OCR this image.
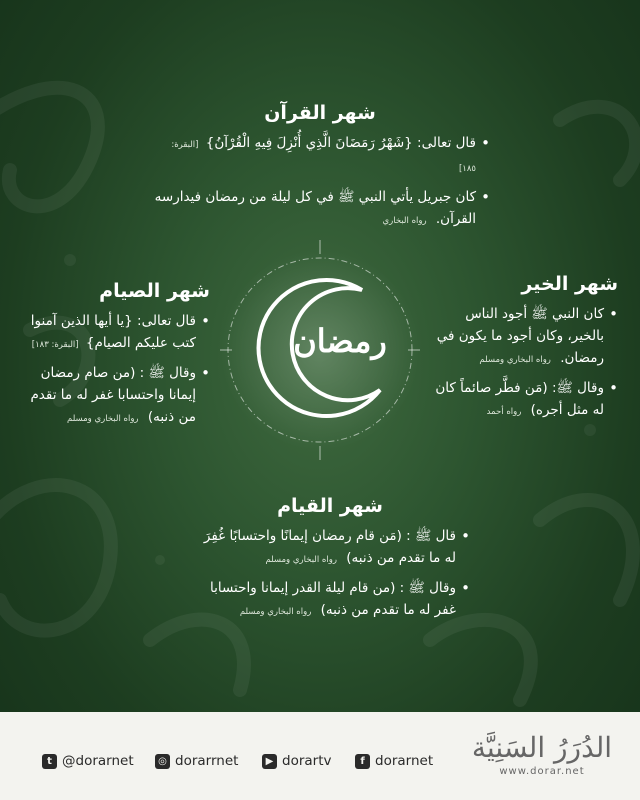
شهر القرآن
• قال تعالى: {شَهْرُ رَمَضَانَ الَّذِي أُنْزِلَ فِيهِ الْقُرْآنُ} [البقرة: ١٨٥]
• كان جبريل يأتي النبي ﷺ في كل ليلة من رمضان فيدارسه القرآن. رواه البخاري
رمضان
شهر الخير
• كان النبي ﷺ أجود الناس بالخير، وكان أجود ما يكون في رمضان. رواه البخاري ومسلم
• وقال ﷺ: (مَن فطَّر صائماً كان له مثل أجره) رواه أحمد
شهر الصيام
• قال تعالى: {يا أيها الذين آمنوا كتب عليكم الصيام} [البقرة: ١٨٣]
• وقال ﷺ : (من صام رمضان إيمانا واحتسابا غفر له ما تقدم من ذنبه) رواه البخاري ومسلم
شهر القيام
• قال ﷺ : (مَن قام رمضان إيمانًا واحتسابًا غُفِرَ له ما تقدم من ذنبه) رواه البخاري ومسلم
• وقال ﷺ : (من قام ليلة القدر إيمانا واحتسابا غفر له ما تقدم من ذنبه) رواه البخاري ومسلم
t @dorarnet	◎ dorarrnet	▶ dorartv	f dorarnet	الدُرَرُ السَنِيَّة
www.dorar.net
